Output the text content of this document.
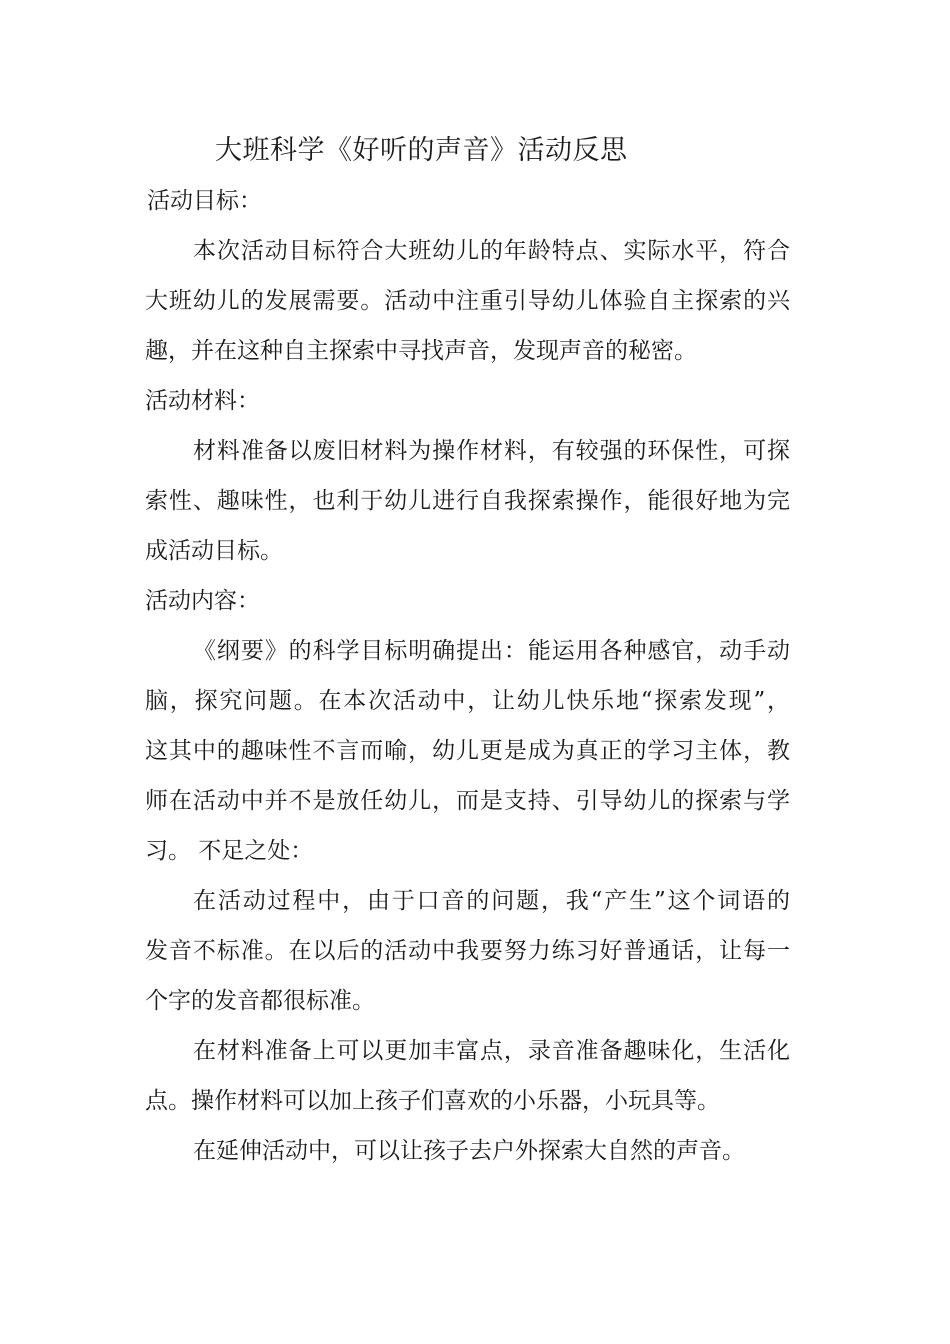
大班科学《好听的声音》活动反思
活动目标：
本次活动目标符合大班幼儿的年龄特点、实际水平，符合
大班幼儿的发展需要。活动中注重引导幼儿体验自主探索的兴
趣，并在这种自主探索中寻找声音，发现声音的秘密。
活动材料：
材料准备以废旧材料为操作材料，有较强的环保性，可探
索性、趣味性，也利于幼儿进行自我探索操作，能很好地为完
成活动目标。
活动内容：
《纲要》的科学目标明确提出：能运用各种感官，动手动
脑，探究问题。在本次活动中，让幼儿快乐地“探索发现”，
这其中的趣味性不言而喻，幼儿更是成为真正的学习主体，教
师在活动中并不是放任幼儿，而是支持、引导幼儿的探索与学
习。 不足之处：
在活动过程中，由于口音的问题，我“产生”这个词语的
发音不标准。在以后的活动中我要努力练习好普通话，让每一
个字的发音都很标准。
在材料准备上可以更加丰富点，录音准备趣味化，生活化
点。操作材料可以加上孩子们喜欢的小乐器，小玩具等。
在延伸活动中，可以让孩子去户外探索大自然的声音。
